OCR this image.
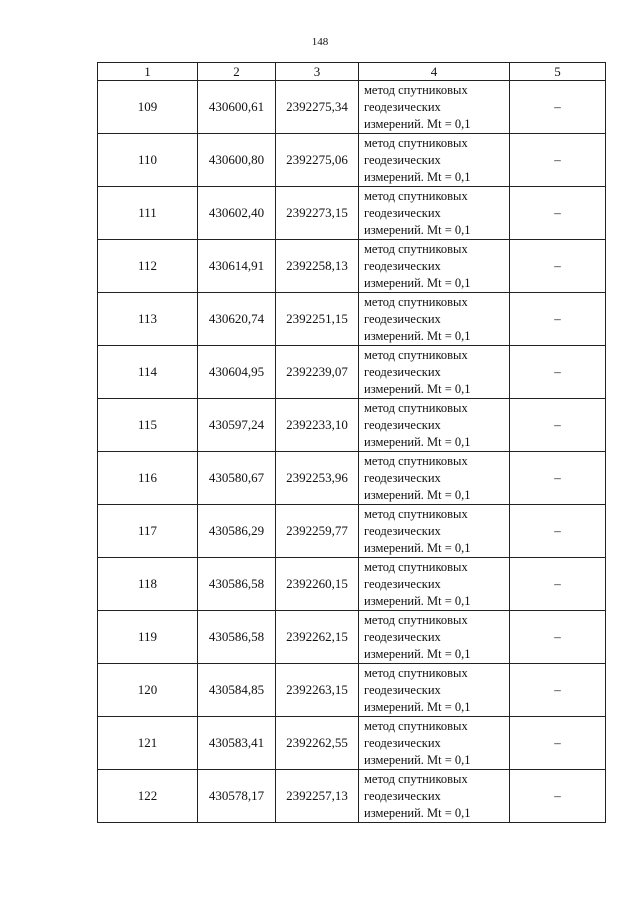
148
1	2	3	4	5
109	430600,61	2392275,34	метод спутниковых
геодезических
измерений. Mt = 0,1	–
110	430600,80	2392275,06	метод спутниковых
геодезических
измерений. Mt = 0,1	–
111	430602,40	2392273,15	метод спутниковых
геодезических
измерений. Mt = 0,1	–
112	430614,91	2392258,13	метод спутниковых
геодезических
измерений. Mt = 0,1	–
113	430620,74	2392251,15	метод спутниковых
геодезических
измерений. Mt = 0,1	–
114	430604,95	2392239,07	метод спутниковых
геодезических
измерений. Mt = 0,1	–
115	430597,24	2392233,10	метод спутниковых
геодезических
измерений. Mt = 0,1	–
116	430580,67	2392253,96	метод спутниковых
геодезических
измерений. Mt = 0,1	–
117	430586,29	2392259,77	метод спутниковых
геодезических
измерений. Mt = 0,1	–
118	430586,58	2392260,15	метод спутниковых
геодезических
измерений. Mt = 0,1	–
119	430586,58	2392262,15	метод спутниковых
геодезических
измерений. Mt = 0,1	–
120	430584,85	2392263,15	метод спутниковых
геодезических
измерений. Mt = 0,1	–
121	430583,41	2392262,55	метод спутниковых
геодезических
измерений. Mt = 0,1	–
122	430578,17	2392257,13	метод спутниковых
геодезических
измерений. Mt = 0,1	–
